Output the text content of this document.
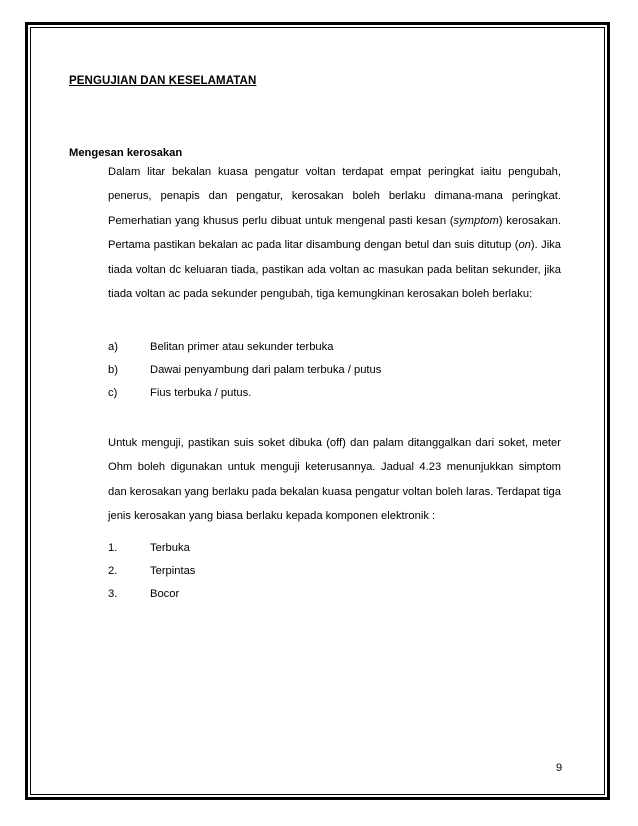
PENGUJIAN DAN KESELAMATAN
Mengesan kerosakan

Dalam litar bekalan kuasa pengatur voltan terdapat empat peringkat iaitu pengubah, penerus, penapis dan pengatur, kerosakan boleh berlaku dimana-mana peringkat. Pemerhatian yang khusus perlu dibuat untuk mengenal pasti kesan (symptom) kerosakan. Pertama pastikan bekalan ac pada litar disambung dengan betul dan suis ditutup (on). Jika tiada voltan dc keluaran tiada, pastikan ada voltan ac masukan pada belitan sekunder, jika tiada voltan ac pada sekunder pengubah, tiga kemungkinan kerosakan boleh berlaku:

a)	Belitan primer atau sekunder terbuka
b)	Dawai penyambung dari palam terbuka / putus
c)	Fius terbuka / putus.

Untuk menguji, pastikan suis soket dibuka (off) dan palam ditanggalkan dari soket, meter Ohm boleh digunakan untuk menguji keterusannya. Jadual 4.23 menunjukkan simptom dan kerosakan yang berlaku pada bekalan kuasa pengatur voltan boleh laras. Terdapat tiga jenis kerosakan yang biasa berlaku kepada komponen elektronik :

1.	Terbuka
2.	Terpintas
3.	Bocor
9
